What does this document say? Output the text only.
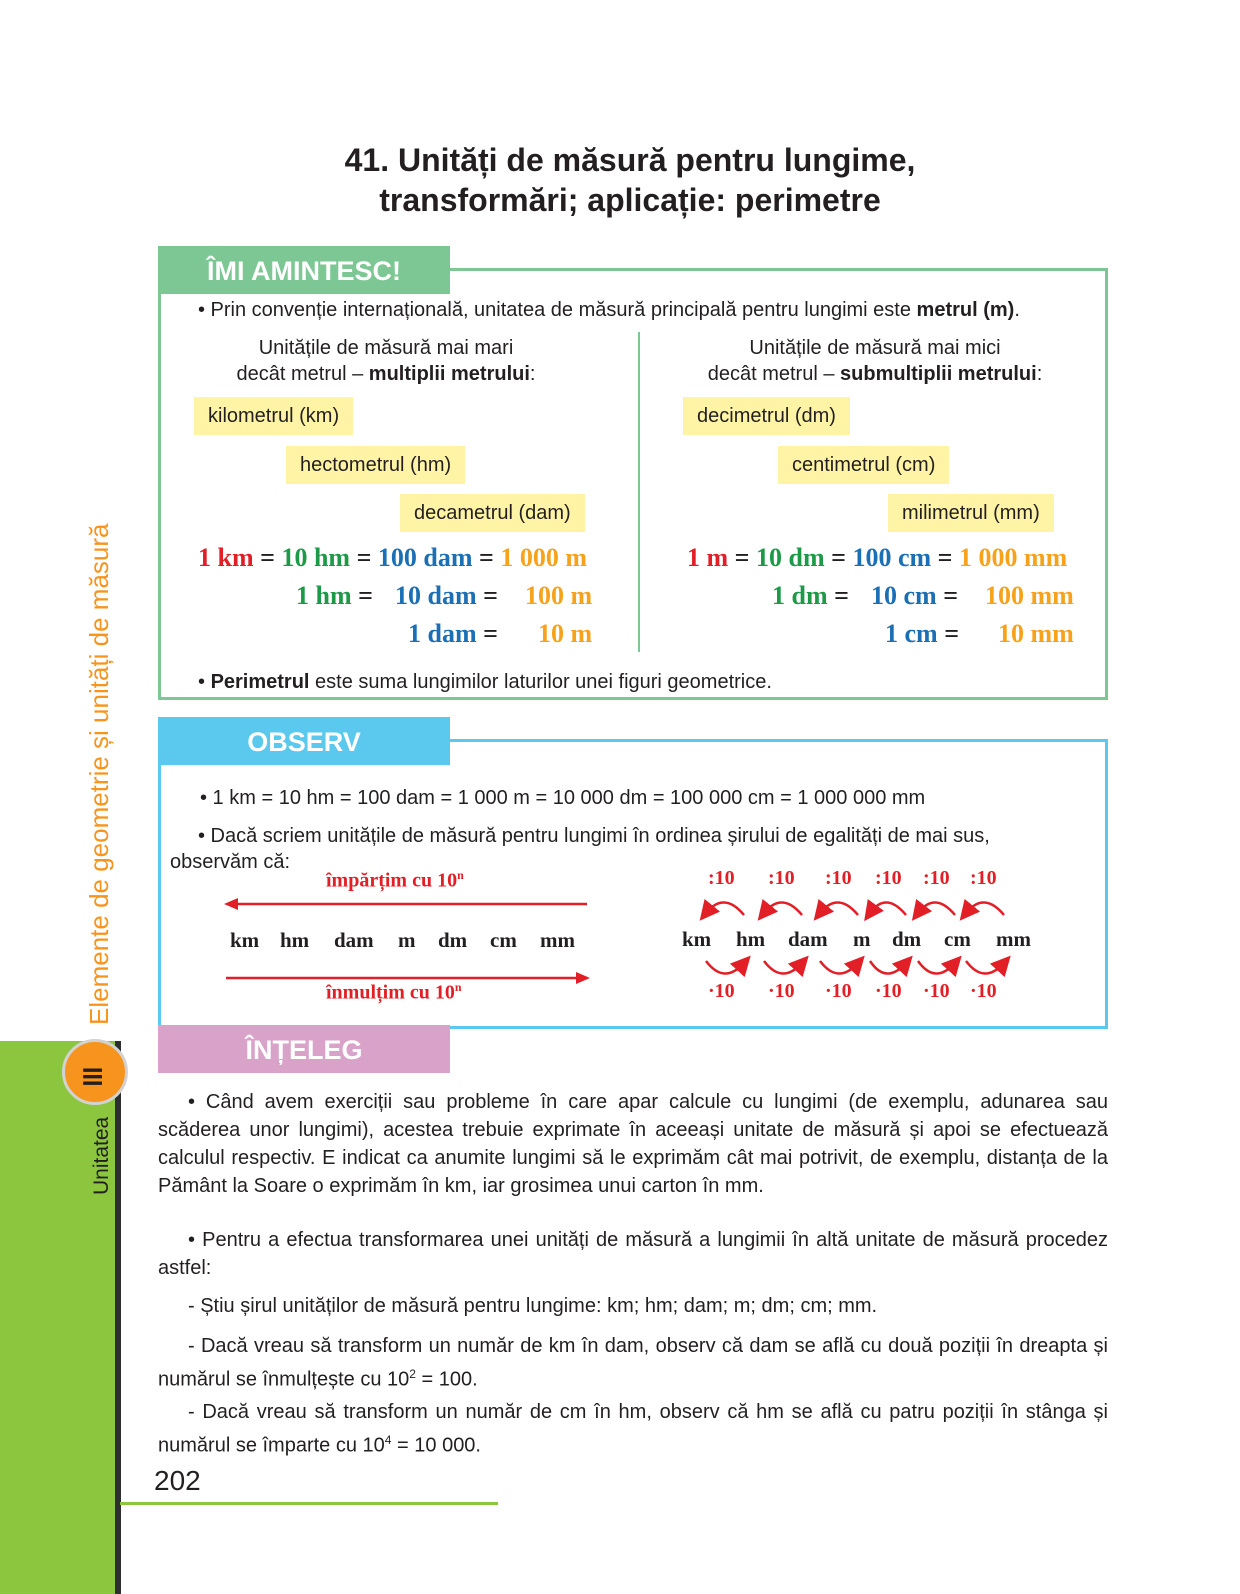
Elemente de geometrie și unități de măsură
Unitatea
≡
41. Unități de măsură pentru lungime,
transformări; aplicație: perimetre
ÎMI AMINTESC!
• Prin convenție internațională, unitatea de măsură principală pentru lungimi este metrul (m).
Unitățile de măsură mai mari
decât metrul – multiplii metrului:
Unitățile de măsură mai mici
decât metrul – submultiplii metrului:
kilometrul (km)
hectometrul (hm)
decametrul (dam)
decimetrul (dm)
centimetrul (cm)
milimetrul (mm)
1 km = 10 hm = 100 dam = 1 000 m
1 hm = 10 dam = 100 m
1 dam = 10 m
1 m = 10 dm = 100 cm = 1 000 mm
1 dm = 10 cm = 100 mm
1 cm = 10 mm
• Perimetrul este suma lungimilor laturilor unei figuri geometrice.
OBSERV
• 1 km = 10 hm = 100 dam = 1 000 m = 10 000 dm = 100 000 cm = 1 000 000 mm
• Dacă scriem unitățile de măsură pentru lungimi în ordinea șirului de egalități de mai sus,
observăm că:
împărțim cu 10$^n$
km hm dam m dm cm mm
înmulțim cu 10$^n$
:10 :10 :10 :10 :10 :10
km hm dam m dm cm mm
·10 ·10 ·10 ·10 ·10 ·10
ÎNȚELEG
• Când avem exerciții sau probleme în care apar calcule cu lungimi (de exemplu, adunarea sau scăderea unor lungimi), acestea trebuie exprimate în aceeași unitate de măsură și apoi se efectuează calculul respectiv. E indicat ca anumite lungimi să le exprimăm cât mai potrivit, de exemplu, distanța de la Pământ la Soare o exprimăm în km, iar grosimea unui carton în mm.
• Pentru a efectua transformarea unei unități de măsură a lungimii în altă unitate de măsură procedez astfel:
- Știu șirul unităților de măsură pentru lungime: km; hm; dam; m; dm; cm; mm.
- Dacă vreau să transform un număr de km în dam, observ că dam se află cu două poziții în dreapta și numărul se înmulțește cu $10^2 = 100$.
- Dacă vreau să transform un număr de cm în hm, observ că hm se află cu patru poziții în stânga și numărul se împarte cu $10^4 = 10$ 000.
202
